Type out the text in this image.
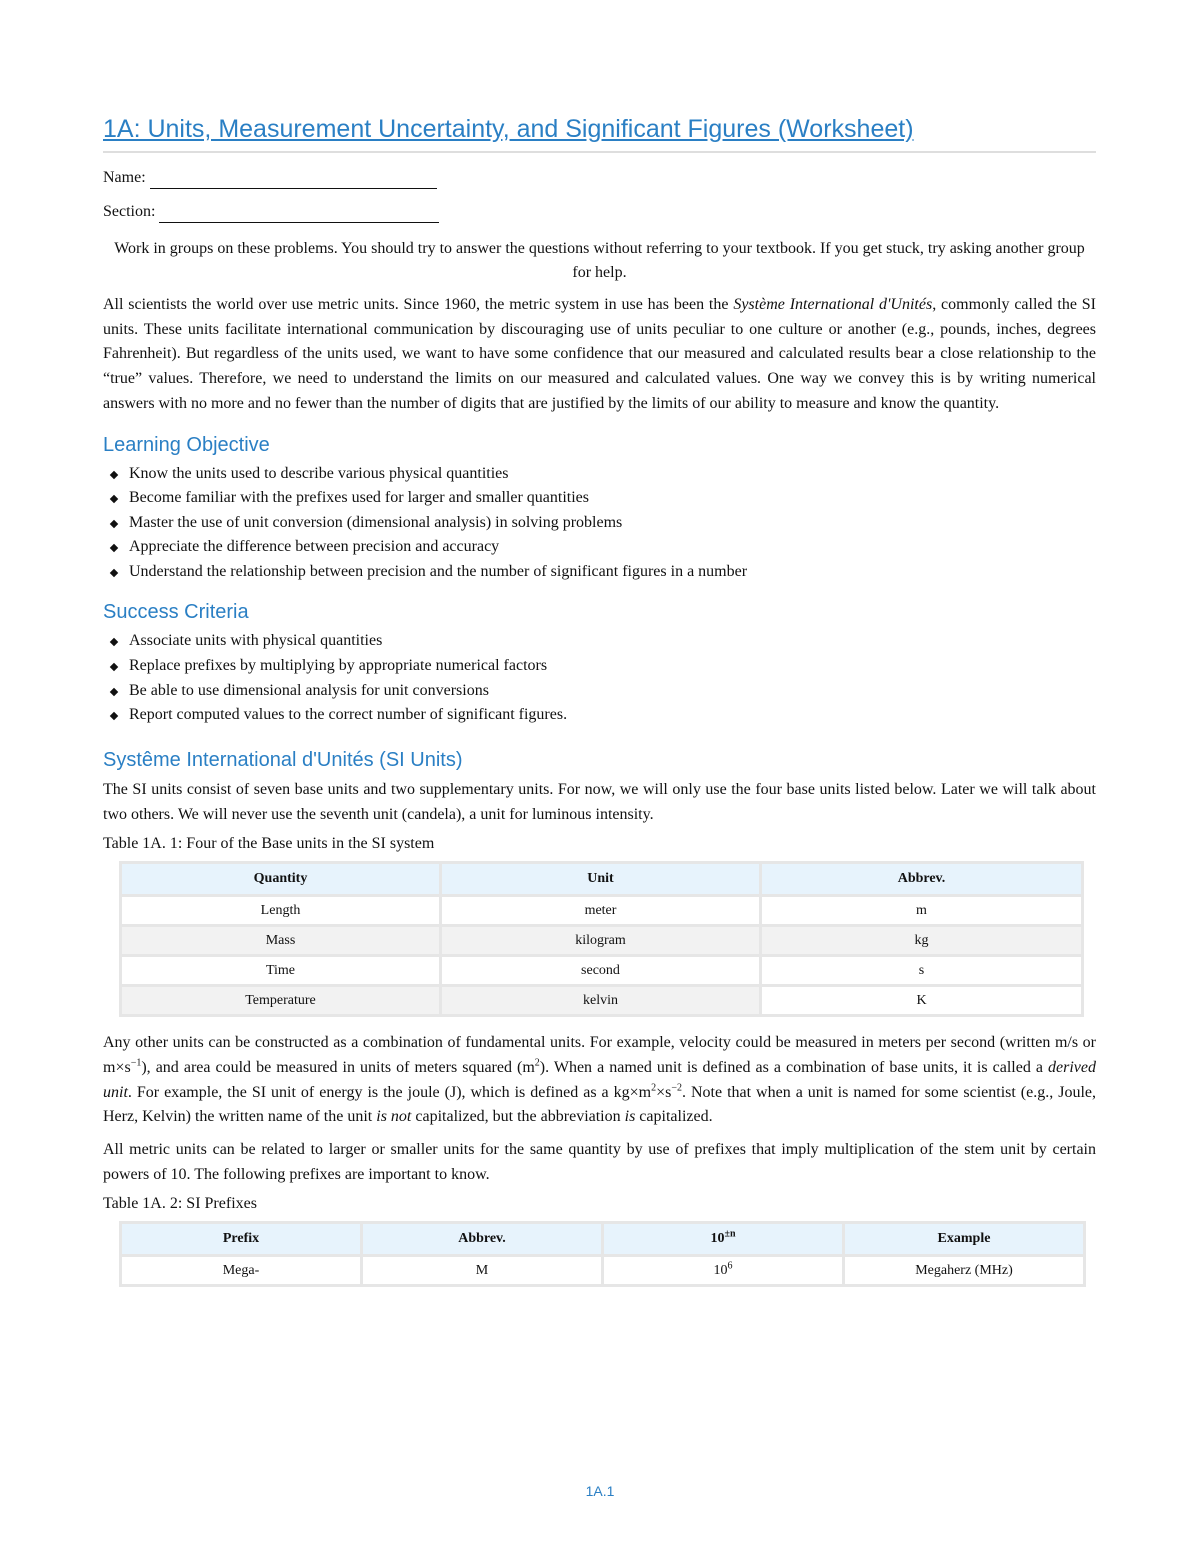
1A: Units, Measurement Uncertainty, and Significant Figures (Worksheet)
Name:
Section:

Work in groups on these problems. You should try to answer the questions without referring to your textbook. If you get stuck, try asking another group for help.

All scientists the world over use metric units. Since 1960, the metric system in use has been the Système International d'Unités, commonly called the SI units. These units facilitate international communication by discouraging use of units peculiar to one culture or another (e.g., pounds, inches, degrees Fahrenheit). But regardless of the units used, we want to have some confidence that our measured and calculated results bear a close relationship to the “true” values. Therefore, we need to understand the limits on our measured and calculated values. One way we convey this is by writing numerical answers with no more and no fewer than the number of digits that are justified by the limits of our ability to measure and know the quantity.

Learning Objective
Know the units used to describe various physical quantities
Become familiar with the prefixes used for larger and smaller quantities
Master the use of unit conversion (dimensional analysis) in solving problems
Appreciate the difference between precision and accuracy
Understand the relationship between precision and the number of significant figures in a number
Success Criteria
Associate units with physical quantities
Replace prefixes by multiplying by appropriate numerical factors
Be able to use dimensional analysis for unit conversions
Report computed values to the correct number of significant figures.
Systême International d'Unités (SI Units)

The SI units consist of seven base units and two supplementary units. For now, we will only use the four base units listed below. Later we will talk about two others. We will never use the seventh unit (candela), a unit for luminous intensity.

Table 1A. 1: Four of the Base units in the SI system
Quantity	Unit	Abbrev.
Length	meter	m
Mass	kilogram	kg
Time	second	s
Temperature	kelvin	K

Any other units can be constructed as a combination of fundamental units. For example, velocity could be measured in meters per second (written m/s or $m\times s^{-1}$), and area could be measured in units of meters squared $(m^2)$. When a named unit is defined as a combination of base units, it is called a derived unit. For example, the SI unit of energy is the joule (J), which is defined as a $kg\times m^2\times s^{-2}$. Note that when a unit is named for some scientist (e.g., Joule, Herz, Kelvin) the written name of the unit is not capitalized, but the abbreviation is capitalized.

All metric units can be related to larger or smaller units for the same quantity by use of prefixes that imply multiplication of the stem unit by certain powers of 10. The following prefixes are important to know.

Table 1A. 2: SI Prefixes
Prefix	Abbrev.	$10^{\pm n}$	Example
Mega-	M	$10^6$	Megaherz (MHz)
1A.1
